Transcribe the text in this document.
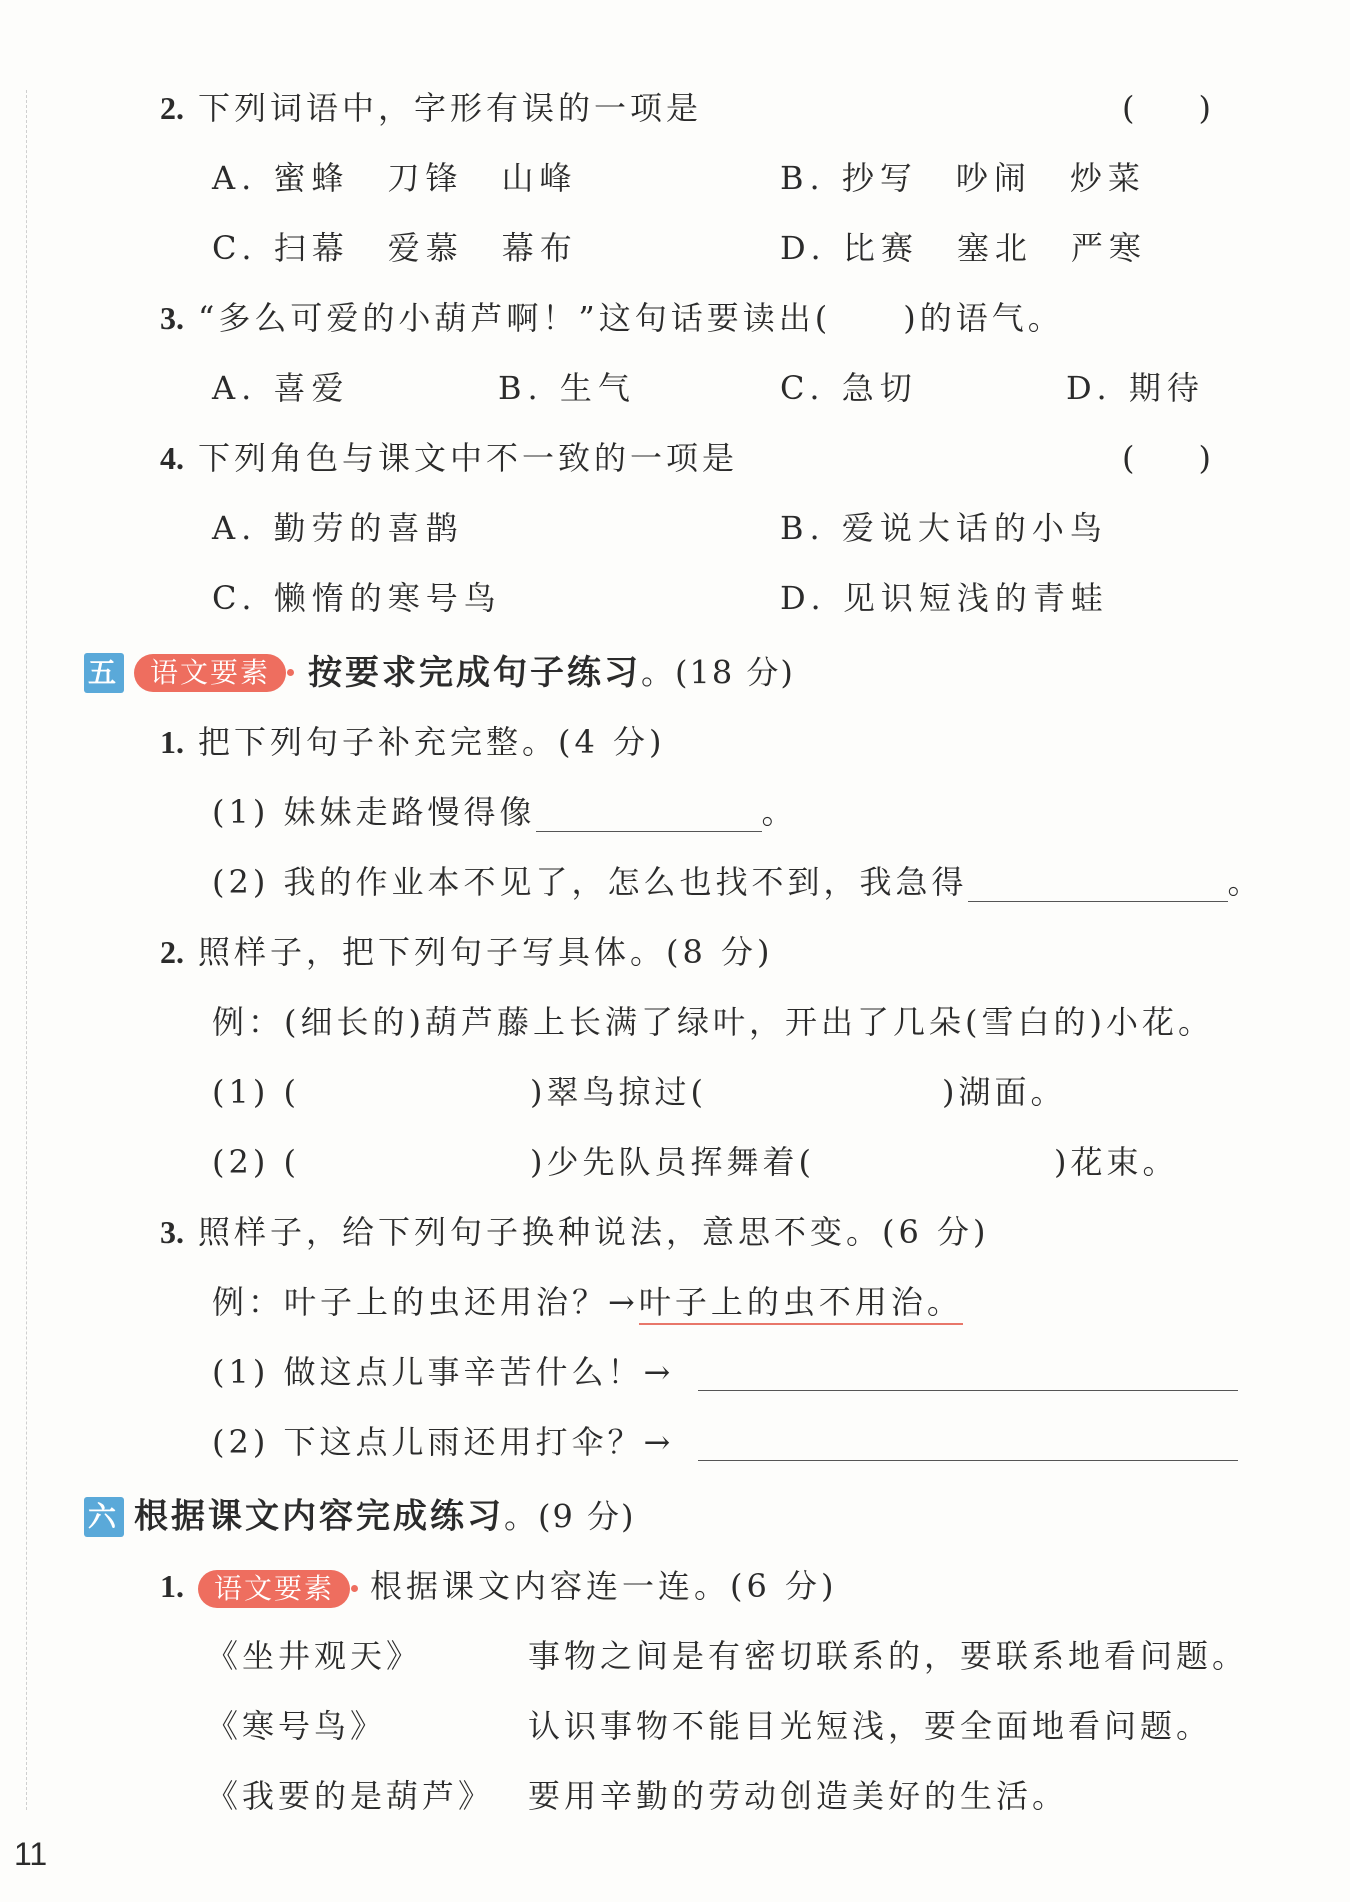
2. 下列词语中，字形有误的一项是	(　　)
A. 蜜蜂　刀锋　山峰	B. 抄写　吵闹　炒菜
C. 扫幕　爱慕　幕布	D. 比赛　塞北　严寒
3. “多么可爱的小葫芦啊！”这句话要读出(　　)的语气。
A. 喜爱	B. 生气	C. 急切	D. 期待
4. 下列角色与课文中不一致的一项是	(　　)
A. 勤劳的喜鹊	B. 爱说大话的小鸟
C. 懒惰的寒号鸟	D. 见识短浅的青蛙
五 语文要素 按要求完成句子练习。(18 分)
1. 把下列句子补充完整。(4 分)
(1) 妹妹走路慢得像	。
(2) 我的作业本不见了，怎么也找不到，我急得	。
2. 照样子，把下列句子写具体。(8 分)
例：(细长的)葫芦藤上长满了绿叶，开出了几朵(雪白的)小花。
(1) (	)翠鸟掠过(	)湖面。
(2) (	)少先队员挥舞着(	)花束。
3. 照样子，给下列句子换种说法，意思不变。(6 分)
例：叶子上的虫还用治？→叶子上的虫不用治。
(1) 做这点儿事辛苦什么！→
(2) 下这点儿雨还用打伞？→
六 根据课文内容完成练习。(9 分)
1. 语文要素 根据课文内容连一连。(6 分)
《坐井观天》
《寒号鸟》
《我要的是葫芦》
事物之间是有密切联系的，要联系地看问题。
认识事物不能目光短浅，要全面地看问题。
要用辛勤的劳动创造美好的生活。
11
